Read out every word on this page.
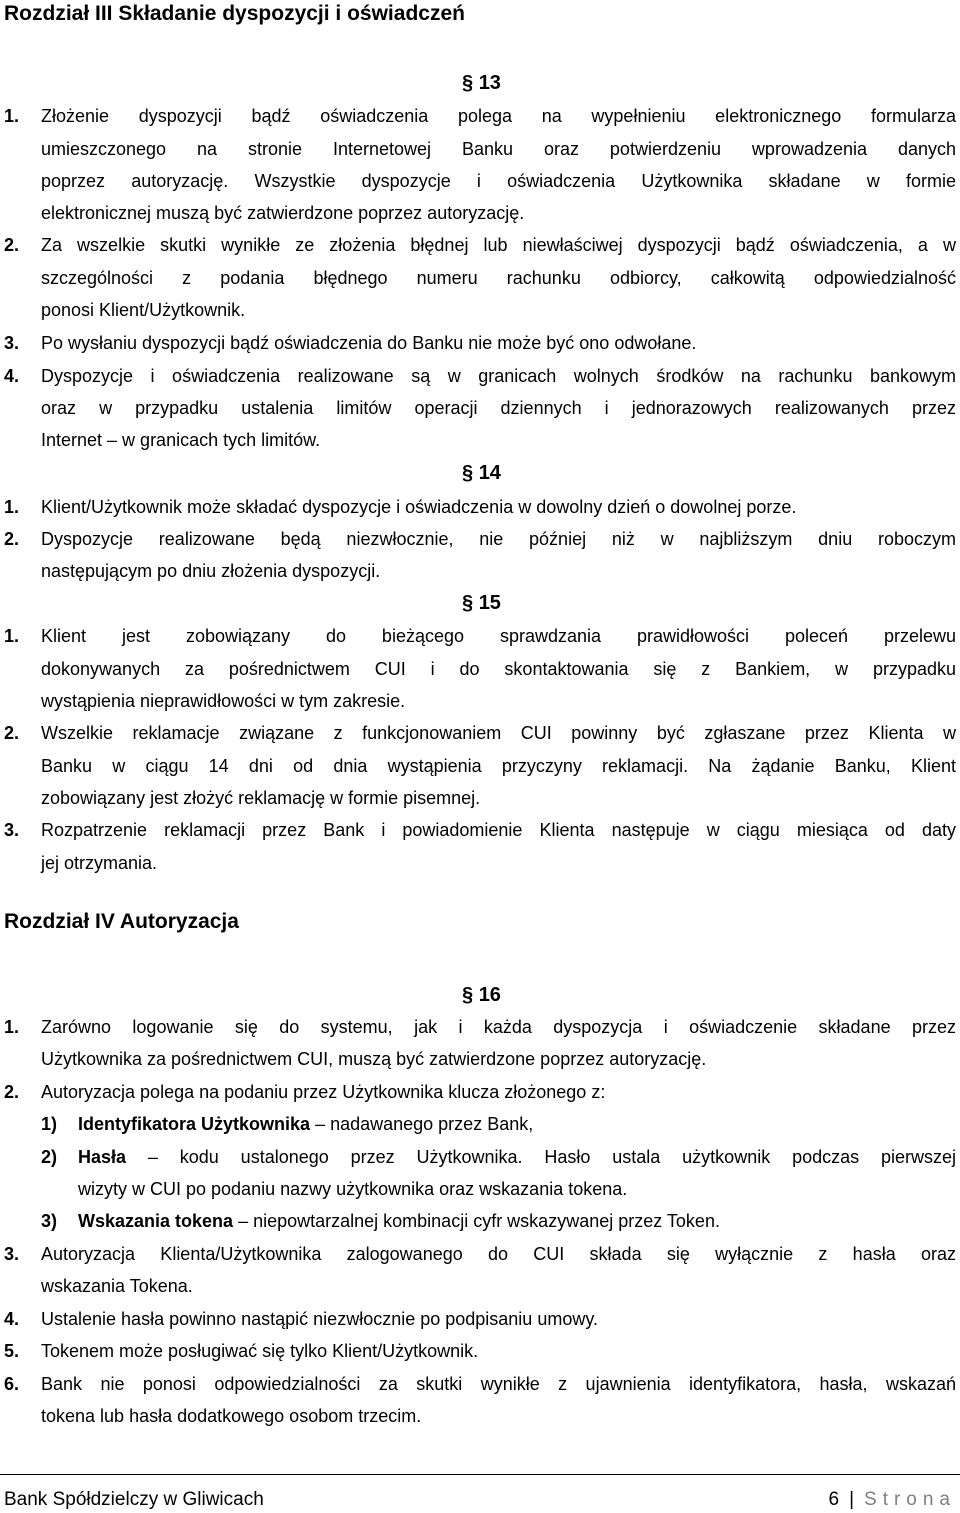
Rozdział III Składanie dyspozycji i oświadczeń
§ 13
1. Złożenie dyspozycji bądź oświadczenia polega na wypełnieniu elektronicznego formularza
umieszczonego na stronie Internetowej Banku oraz potwierdzeniu wprowadzenia danych
poprzez autoryzację. Wszystkie dyspozycje i oświadczenia Użytkownika składane w formie
elektronicznej muszą być zatwierdzone poprzez autoryzację.
2. Za wszelkie skutki wynikłe ze złożenia błędnej lub niewłaściwej dyspozycji bądź oświadczenia, a w
szczególności z podania błędnego numeru rachunku odbiorcy, całkowitą odpowiedzialność
ponosi Klient/Użytkownik.
3. Po wysłaniu dyspozycji bądź oświadczenia do Banku nie może być ono odwołane.
4. Dyspozycje i oświadczenia realizowane są w granicach wolnych środków na rachunku bankowym
oraz w przypadku ustalenia limitów operacji dziennych i jednorazowych realizowanych przez
Internet – w granicach tych limitów.
§ 14
1. Klient/Użytkownik może składać dyspozycje i oświadczenia w dowolny dzień o dowolnej porze.
2. Dyspozycje realizowane będą niezwłocznie, nie później niż w najbliższym dniu roboczym
następującym po dniu złożenia dyspozycji.
§ 15
1. Klient jest zobowiązany do bieżącego sprawdzania prawidłowości poleceń przelewu
dokonywanych za pośrednictwem CUI i do skontaktowania się z Bankiem, w przypadku
wystąpienia nieprawidłowości w tym zakresie.
2. Wszelkie reklamacje związane z funkcjonowaniem CUI powinny być zgłaszane przez Klienta w
Banku w ciągu 14 dni od dnia wystąpienia przyczyny reklamacji. Na żądanie Banku, Klient
zobowiązany jest złożyć reklamację w formie pisemnej.
3. Rozpatrzenie reklamacji przez Bank i powiadomienie Klienta następuje w ciągu miesiąca od daty
jej otrzymania.
Rozdział IV Autoryzacja
§ 16
1. Zarówno logowanie się do systemu, jak i każda dyspozycja i oświadczenie składane przez
Użytkownika za pośrednictwem CUI, muszą być zatwierdzone poprzez autoryzację.
2. Autoryzacja polega na podaniu przez Użytkownika klucza złożonego z:
1) Identyfikatora Użytkownika – nadawanego przez Bank,
2) Hasła – kodu ustalonego przez Użytkownika. Hasło ustala użytkownik podczas pierwszej
wizyty w CUI po podaniu nazwy użytkownika oraz wskazania tokena.
3) Wskazania tokena – niepowtarzalnej kombinacji cyfr wskazywanej przez Token.
3. Autoryzacja Klienta/Użytkownika zalogowanego do CUI składa się wyłącznie z hasła oraz
wskazania Tokena.
4. Ustalenie hasła powinno nastąpić niezwłocznie po podpisaniu umowy.
5. Tokenem może posługiwać się tylko Klient/Użytkownik.
6. Bank nie ponosi odpowiedzialności za skutki wynikłe z ujawnienia identyfikatora, hasła, wskazań
tokena lub hasła dodatkowego osobom trzecim.
Bank Spółdzielczy w Gliwicach	6 | Strona
